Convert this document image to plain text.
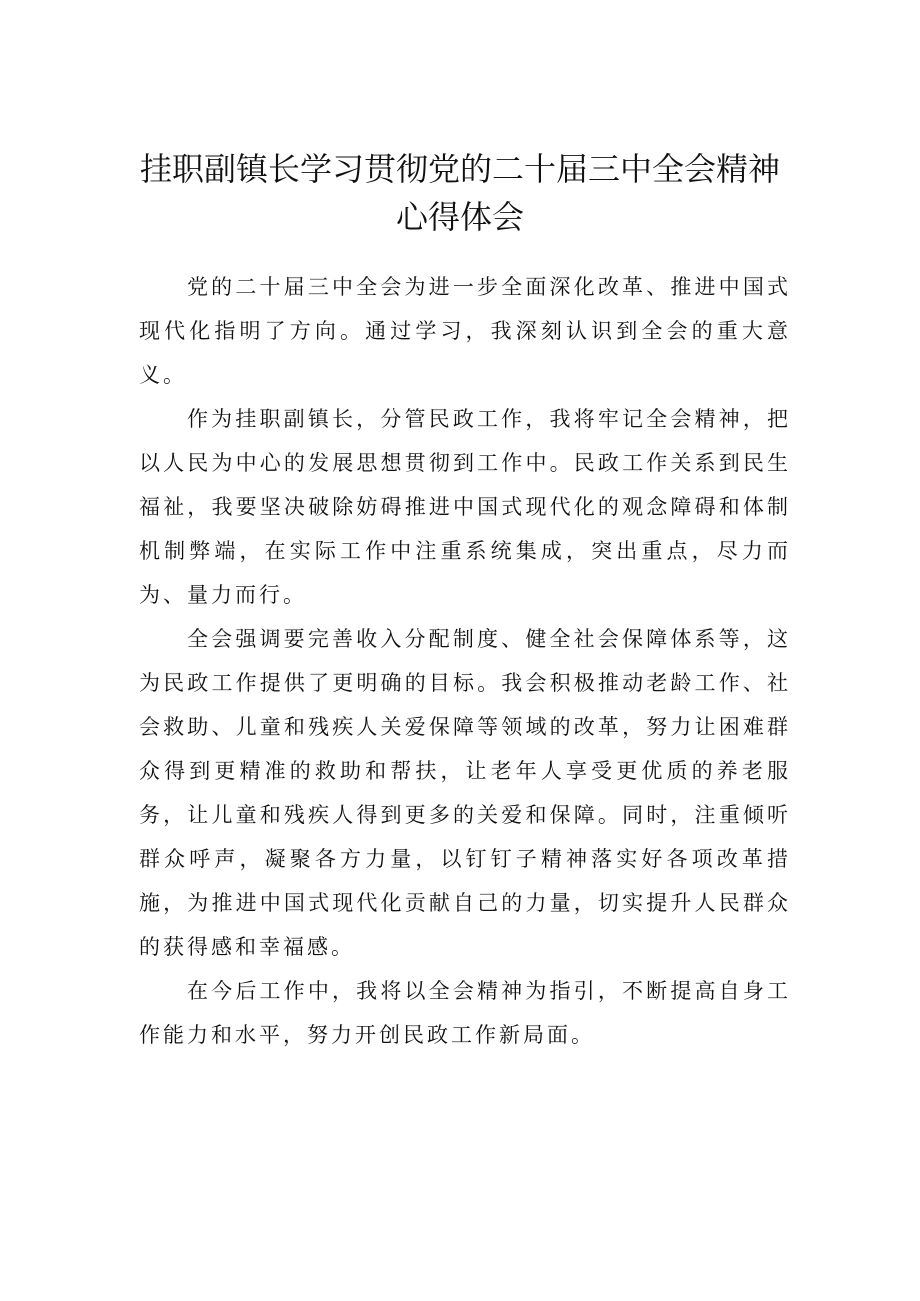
挂职副镇长学习贯彻党的二十届三中全会精神
心得体会

党的二十届三中全会为进一步全面深化改革、推进中国式现代化指明了方向。通过学习，我深刻认识到全会的重大意义。

作为挂职副镇长，分管民政工作，我将牢记全会精神，把以人民为中心的发展思想贯彻到工作中。民政工作关系到民生福祉，我要坚决破除妨碍推进中国式现代化的观念障碍和体制机制弊端，在实际工作中注重系统集成，突出重点，尽力而为、量力而行。

全会强调要完善收入分配制度、健全社会保障体系等，这为民政工作提供了更明确的目标。我会积极推动老龄工作、社会救助、儿童和残疾人关爱保障等领域的改革，努力让困难群众得到更精准的救助和帮扶，让老年人享受更优质的养老服务，让儿童和残疾人得到更多的关爱和保障。同时，注重倾听群众呼声，凝聚各方力量，以钉钉子精神落实好各项改革措施，为推进中国式现代化贡献自己的力量，切实提升人民群众的获得感和幸福感。

在今后工作中，我将以全会精神为指引，不断提高自身工作能力和水平，努力开创民政工作新局面。
